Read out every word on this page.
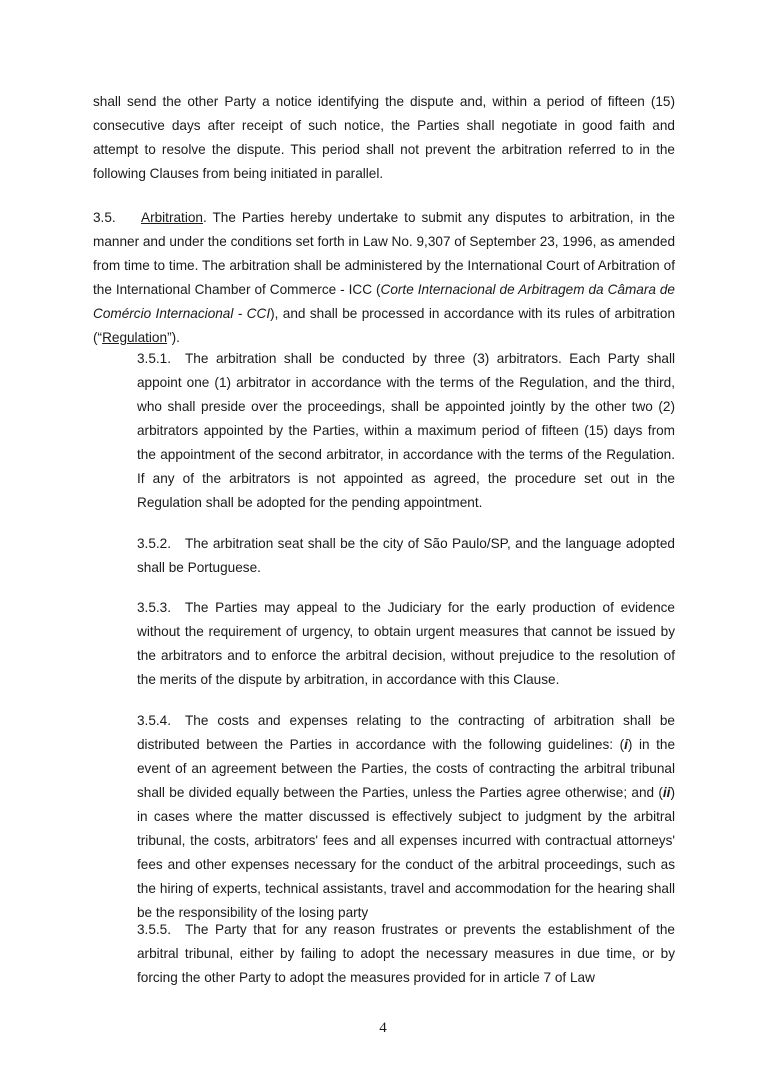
shall send the other Party a notice identifying the dispute and, within a period of fifteen (15) consecutive days after receipt of such notice, the Parties shall negotiate in good faith and attempt to resolve the dispute. This period shall not prevent the arbitration referred to in the following Clauses from being initiated in parallel.

3.5. Arbitration. The Parties hereby undertake to submit any disputes to arbitration, in the manner and under the conditions set forth in Law No. 9,307 of September 23, 1996, as amended from time to time. The arbitration shall be administered by the International Court of Arbitration of the International Chamber of Commerce - ICC (Corte Internacional de Arbitragem da Câmara de Comércio Internacional - CCI), and shall be processed in accordance with its rules of arbitration (“Regulation”).

3.5.1. The arbitration shall be conducted by three (3) arbitrators. Each Party shall appoint one (1) arbitrator in accordance with the terms of the Regulation, and the third, who shall preside over the proceedings, shall be appointed jointly by the other two (2) arbitrators appointed by the Parties, within a maximum period of fifteen (15) days from the appointment of the second arbitrator, in accordance with the terms of the Regulation. If any of the arbitrators is not appointed as agreed, the procedure set out in the Regulation shall be adopted for the pending appointment.

3.5.2. The arbitration seat shall be the city of São Paulo/SP, and the language adopted shall be Portuguese.

3.5.3. The Parties may appeal to the Judiciary for the early production of evidence without the requirement of urgency, to obtain urgent measures that cannot be issued by the arbitrators and to enforce the arbitral decision, without prejudice to the resolution of the merits of the dispute by arbitration, in accordance with this Clause.

3.5.4. The costs and expenses relating to the contracting of arbitration shall be distributed between the Parties in accordance with the following guidelines: (i) in the event of an agreement between the Parties, the costs of contracting the arbitral tribunal shall be divided equally between the Parties, unless the Parties agree otherwise; and (ii) in cases where the matter discussed is effectively subject to judgment by the arbitral tribunal, the costs, arbitrators' fees and all expenses incurred with contractual attorneys' fees and other expenses necessary for the conduct of the arbitral proceedings, such as the hiring of experts, technical assistants, travel and accommodation for the hearing shall be the responsibility of the losing party

3.5.5. The Party that for any reason frustrates or prevents the establishment of the arbitral tribunal, either by failing to adopt the necessary measures in due time, or by forcing the other Party to adopt the measures provided for in article 7 of Law

4
